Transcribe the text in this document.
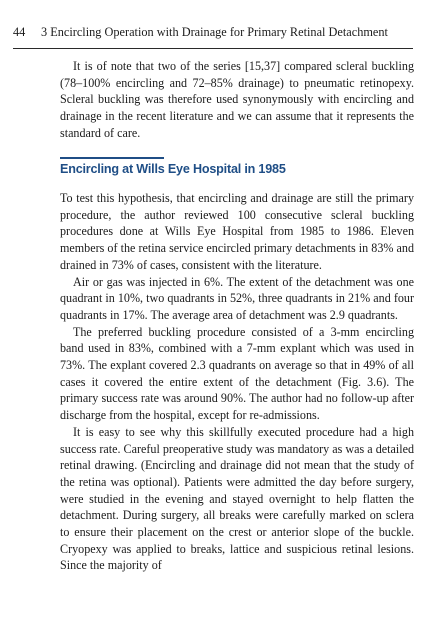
44 3 Encircling Operation with Drainage for Primary Retinal Detachment

It is of note that two of the series [15,37] compared scleral buckling (78–100% encircling and 72–85% drainage) to pneumatic retinopexy. Scleral buckling was therefore used synonymously with encircling and drainage in the recent literature and we can assume that it represents the standard of care.

Encircling at Wills Eye Hospital in 1985

To test this hypothesis, that encircling and drainage are still the primary procedure, the author reviewed 100 consecutive scleral buckling procedures done at Wills Eye Hospital from 1985 to 1986. Eleven members of the retina service encircled primary detachments in 83% and drained in 73% of cases, consistent with the literature.

Air or gas was injected in 6%. The extent of the detachment was one quadrant in 10%, two quadrants in 52%, three quadrants in 21% and four quadrants in 17%. The average area of detachment was 2.9 quadrants.

The preferred buckling procedure consisted of a 3-mm encircling band used in 83%, combined with a 7-mm explant which was used in 73%. The explant covered 2.3 quadrants on average so that in 49% of all cases it covered the entire extent of the detachment (Fig. 3.6). The primary success rate was around 90%. The author had no follow-up after discharge from the hospital, except for re-admissions.

It is easy to see why this skillfully executed procedure had a high success rate. Careful preoperative study was mandatory as was a detailed retinal drawing. (Encircling and drainage did not mean that the study of the retina was optional). Patients were admitted the day before surgery, were studied in the evening and stayed overnight to help flatten the detachment. During surgery, all breaks were carefully marked on sclera to ensure their placement on the crest or anterior slope of the buckle. Cryopexy was applied to breaks, lattice and suspicious retinal lesions. Since the majority of
